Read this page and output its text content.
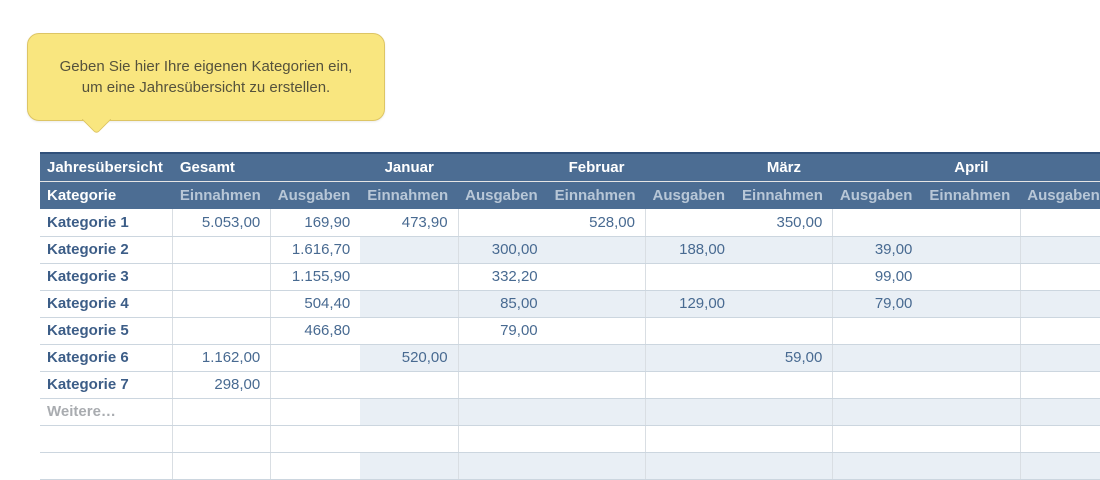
Geben Sie hier Ihre eigenen Kategorien ein,
um eine Jahresübersicht zu erstellen.
Jahresübersicht	Gesamt			Januar			Februar			März			April	
Kategorie	Einnahmen	Ausgaben		Einnahmen	Ausgaben		Einnahmen	Ausgaben		Einnahmen	Ausgaben		Einnahmen	Ausgaben
Kategorie 1	5.053,00	169,90		473,90			528,00			350,00				
Kategorie 2		1.616,70			300,00			188,00			39,00			
Kategorie 3		1.155,90			332,20						99,00			
Kategorie 4		504,40			85,00			129,00			79,00			
Kategorie 5		466,80			79,00									
Kategorie 6	1.162,00			520,00						59,00				
Kategorie 7	298,00													
Weitere…														
